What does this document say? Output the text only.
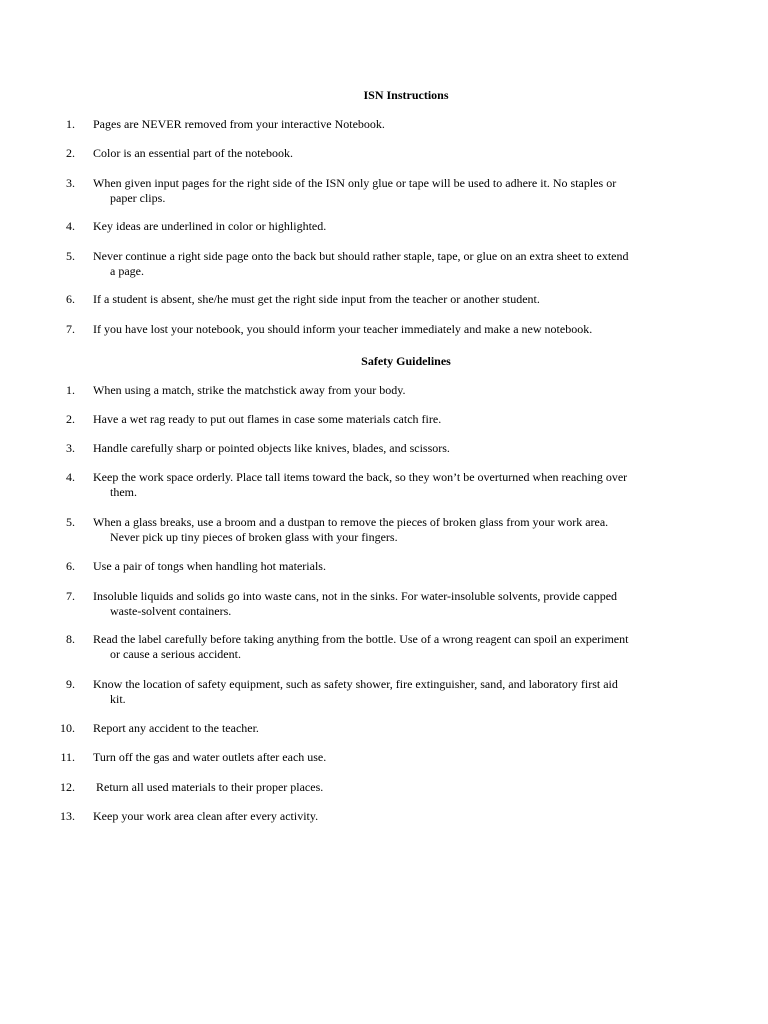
ISN Instructions
1. Pages are NEVER removed from your interactive Notebook.
2. Color is an essential part of the notebook.
3. When given input pages for the right side of the ISN only glue or tape will be used to adhere it. No staples or
paper clips.
4. Key ideas are underlined in color or highlighted.
5. Never continue a right side page onto the back but should rather staple, tape, or glue on an extra sheet to extend
a page.
6. If a student is absent, she/he must get the right side input from the teacher or another student.
7. If you have lost your notebook, you should inform your teacher immediately and make a new notebook.
Safety Guidelines
1. When using a match, strike the matchstick away from your body.
2. Have a wet rag ready to put out flames in case some materials catch fire.
3. Handle carefully sharp or pointed objects like knives, blades, and scissors.
4. Keep the work space orderly. Place tall items toward the back, so they won’t be overturned when reaching over
them.
5. When a glass breaks, use a broom and a dustpan to remove the pieces of broken glass from your work area.
Never pick up tiny pieces of broken glass with your fingers.
6. Use a pair of tongs when handling hot materials.
7. Insoluble liquids and solids go into waste cans, not in the sinks. For water-insoluble solvents, provide capped
waste-solvent containers.
8. Read the label carefully before taking anything from the bottle. Use of a wrong reagent can spoil an experiment
or cause a serious accident.
9. Know the location of safety equipment, such as safety shower, fire extinguisher, sand, and laboratory first aid
kit.
10. Report any accident to the teacher.
11. Turn off the gas and water outlets after each use.
12. Return all used materials to their proper places.
13. Keep your work area clean after every activity.
